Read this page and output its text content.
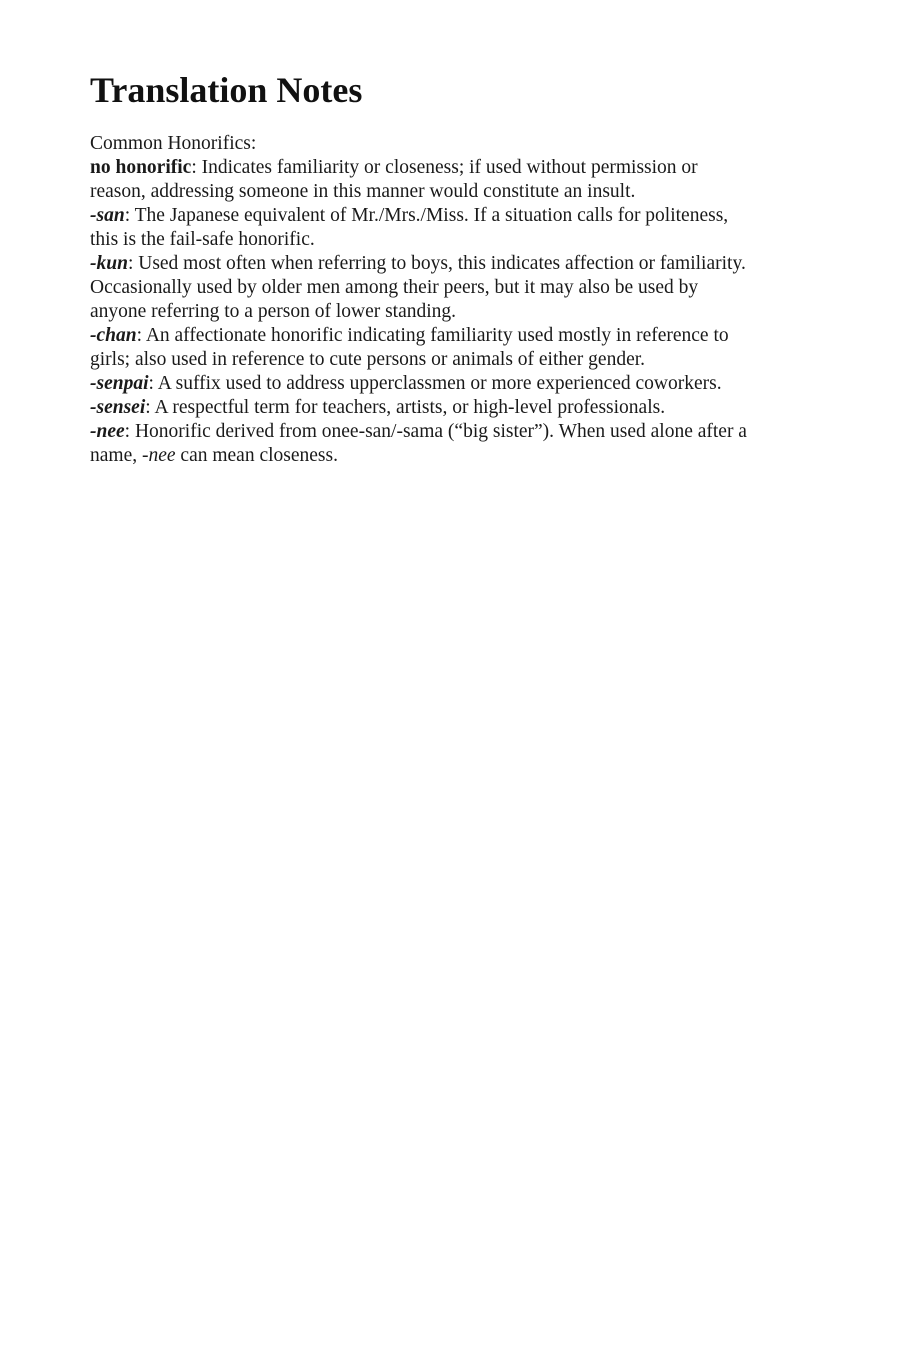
Translation Notes

Common Honorifics:

no honorific: Indicates familiarity or closeness; if used without permission or reason, addressing someone in this manner would constitute an insult.

-san: The Japanese equivalent of Mr./Mrs./Miss. If a situation calls for politeness, this is the fail-safe honorific.

-kun: Used most often when referring to boys, this indicates affection or familiarity. Occasionally used by older men among their peers, but it may also be used by anyone referring to a person of lower standing.

-chan: An affectionate honorific indicating familiarity used mostly in reference to girls; also used in reference to cute persons or animals of either gender.

-senpai: A suffix used to address upperclassmen or more experienced coworkers.

-sensei: A respectful term for teachers, artists, or high-level professionals.

-nee: Honorific derived from onee-san/-sama (“big sister”). When used alone after a name, -nee can mean closeness.
